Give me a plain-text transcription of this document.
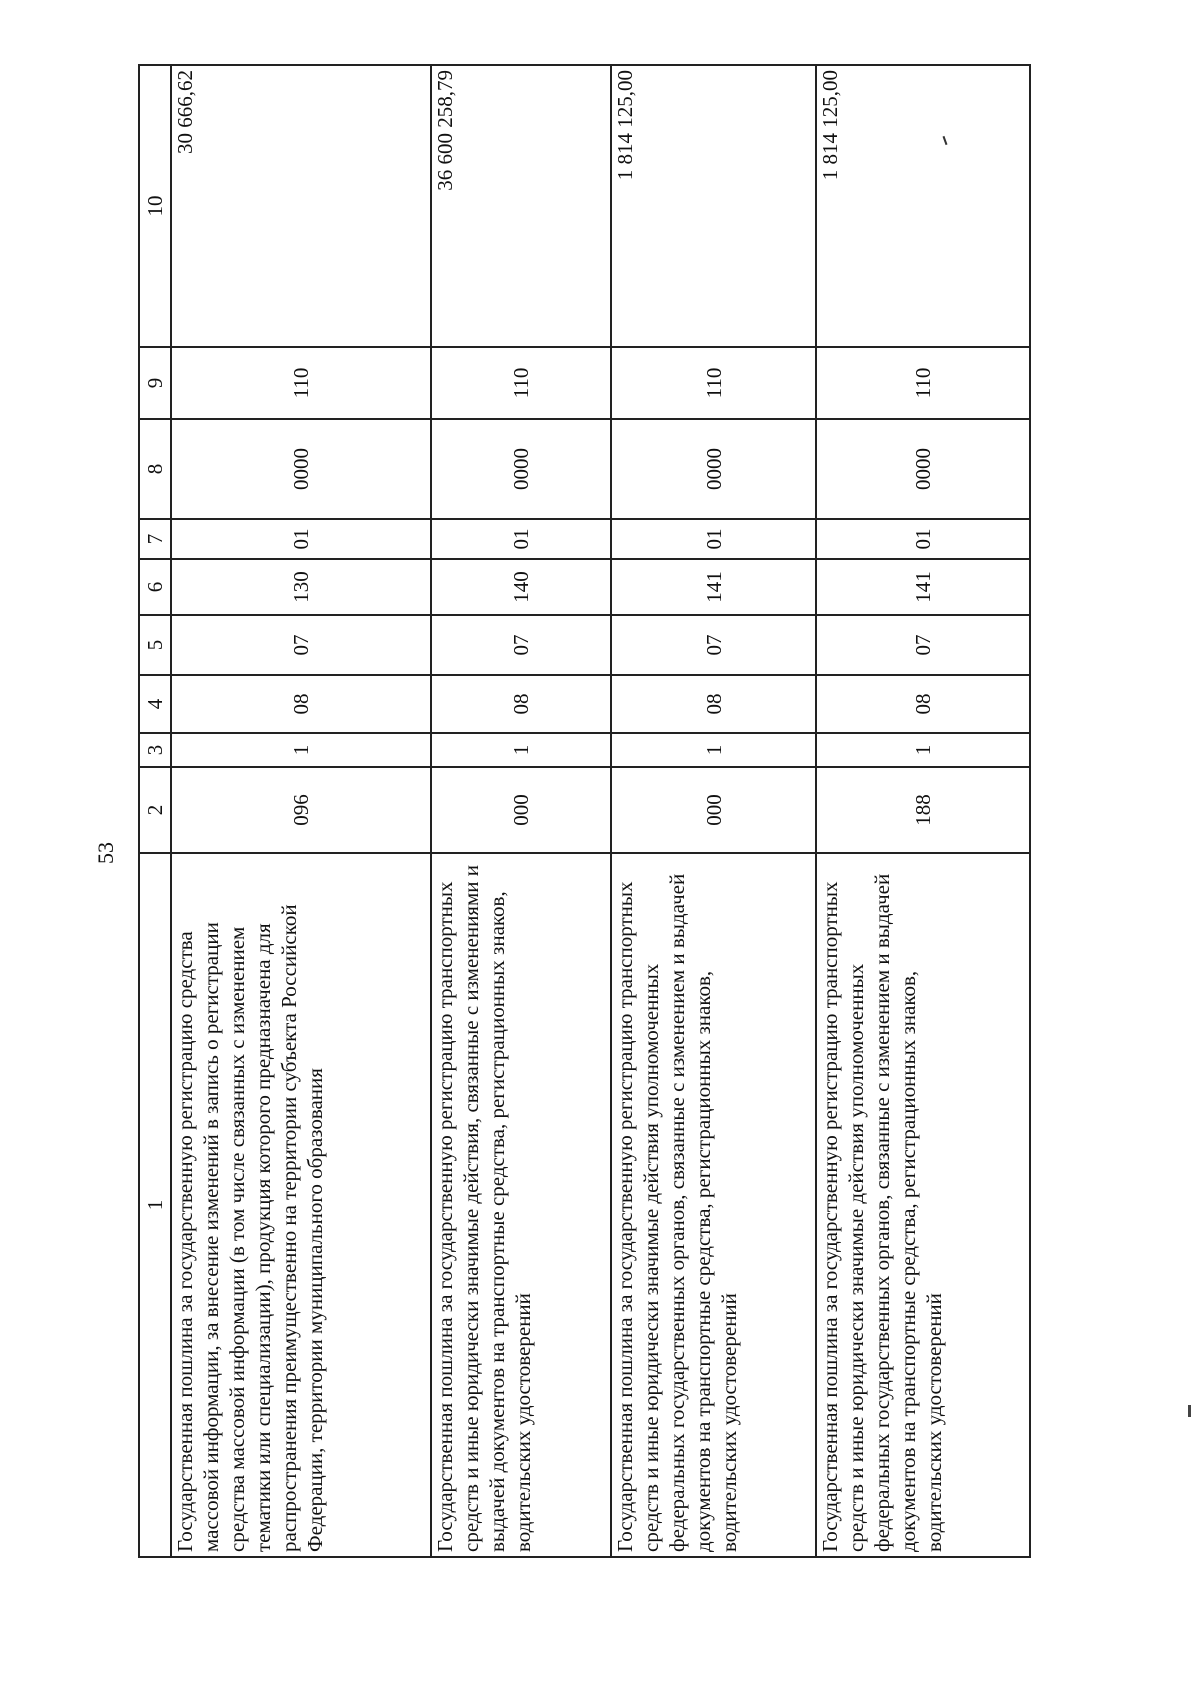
53
1	2	3	4	5	6	7	8	9	10
Государственная пошлина за государственную регистрацию средства массовой информации, за внесение изменений в запись о регистрации средства массовой информации (в том числе связанных с изменением тематики или специализации), продукция которого предназначена для распространения преимущественно на территории субъекта Российской Федерации, территории муниципального образования	096	1	08	07	130	01	0000	110	30 666,62
Государственная пошлина за государственную регистрацию транспортных средств и иные юридически значимые действия, связанные с изменениями и выдачей документов на транспортные средства, регистрационных знаков, водительских удостоверений	000	1	08	07	140	01	0000	110	36 600 258,79
Государственная пошлина за государственную регистрацию транспортных средств и иные юридически значимые действия уполномоченных федеральных государственных органов, связанные с изменением и выдачей документов на транспортные средства, регистрационных знаков, водительских удостоверений	000	1	08	07	141	01	0000	110	1 814 125,00
Государственная пошлина за государственную регистрацию транспортных средств и иные юридически значимые действия уполномоченных федеральных государственных органов, связанные с изменением и выдачей документов на транспортные средства, регистрационных знаков, водительских удостоверений	188	1	08	07	141	01	0000	110	1 814 125,00
